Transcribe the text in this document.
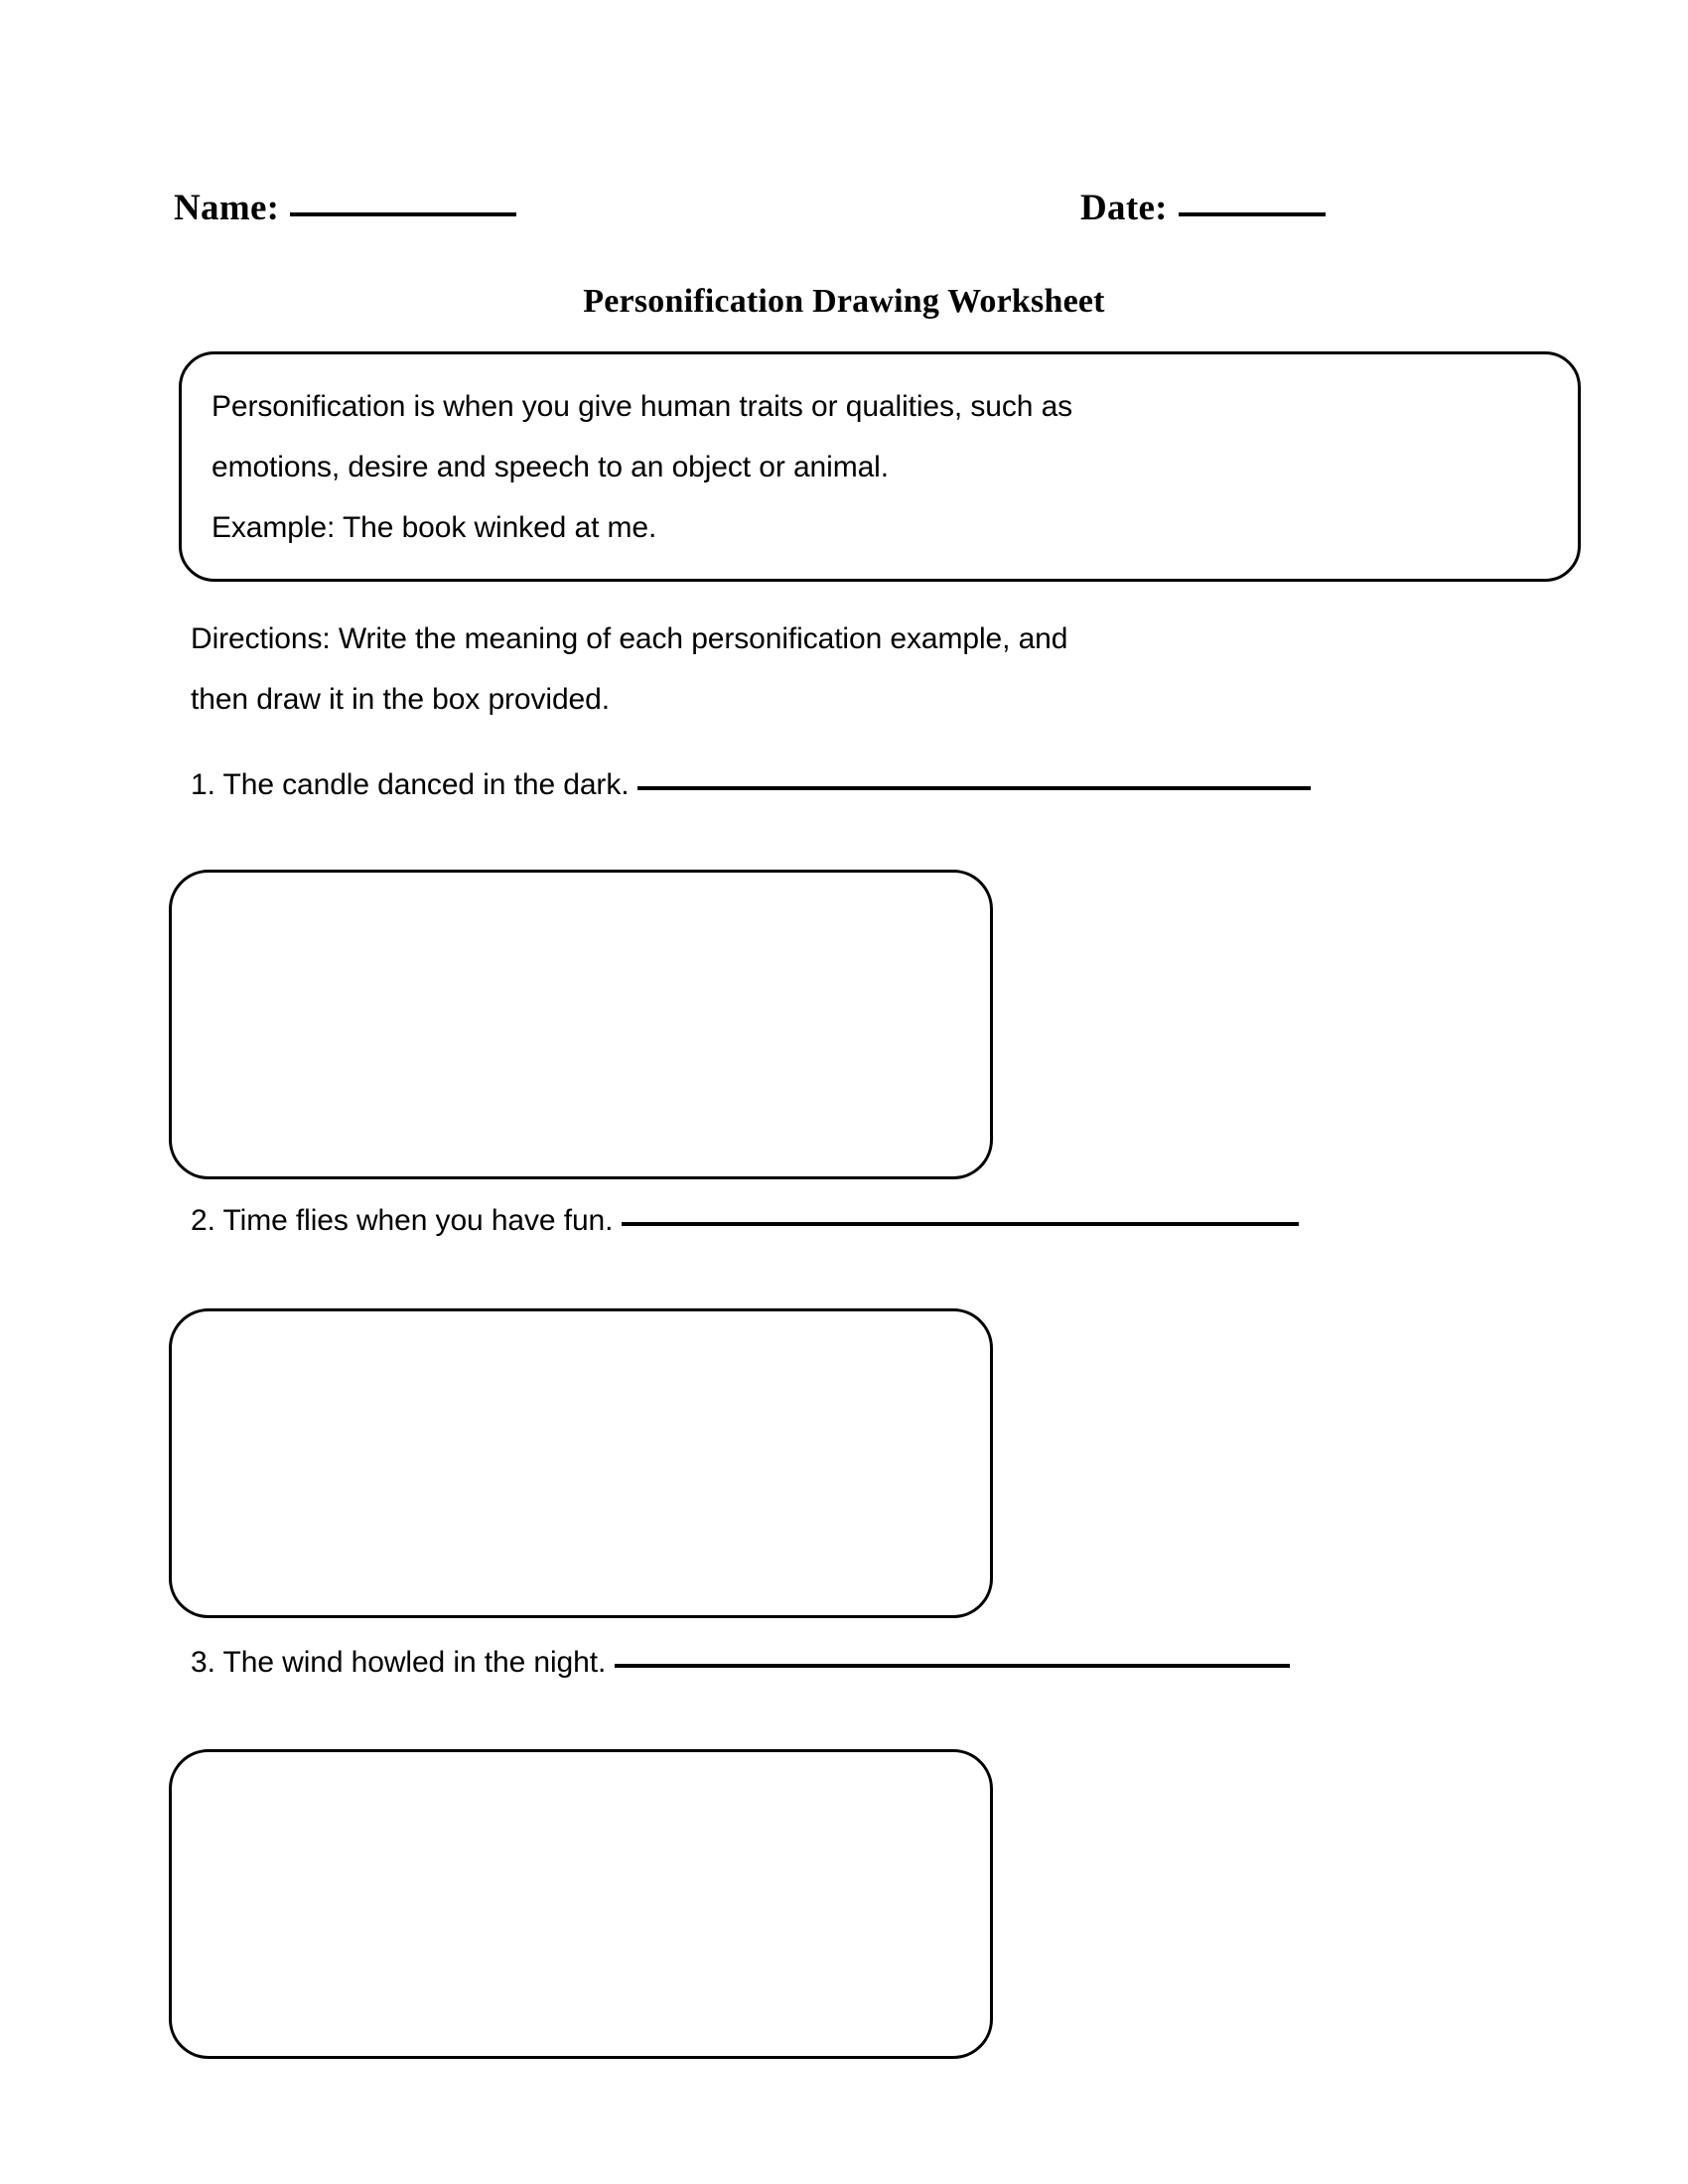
Name:	Date:
Personification Drawing Worksheet
Personification is when you give human traits or qualities, such as
emotions, desire and speech to an object or animal.
Example: The book winked at me.
Directions: Write the meaning of each personification example, and
then draw it in the box provided.
1. The candle danced in the dark.
2. Time flies when you have fun.
3. The wind howled in the night.
